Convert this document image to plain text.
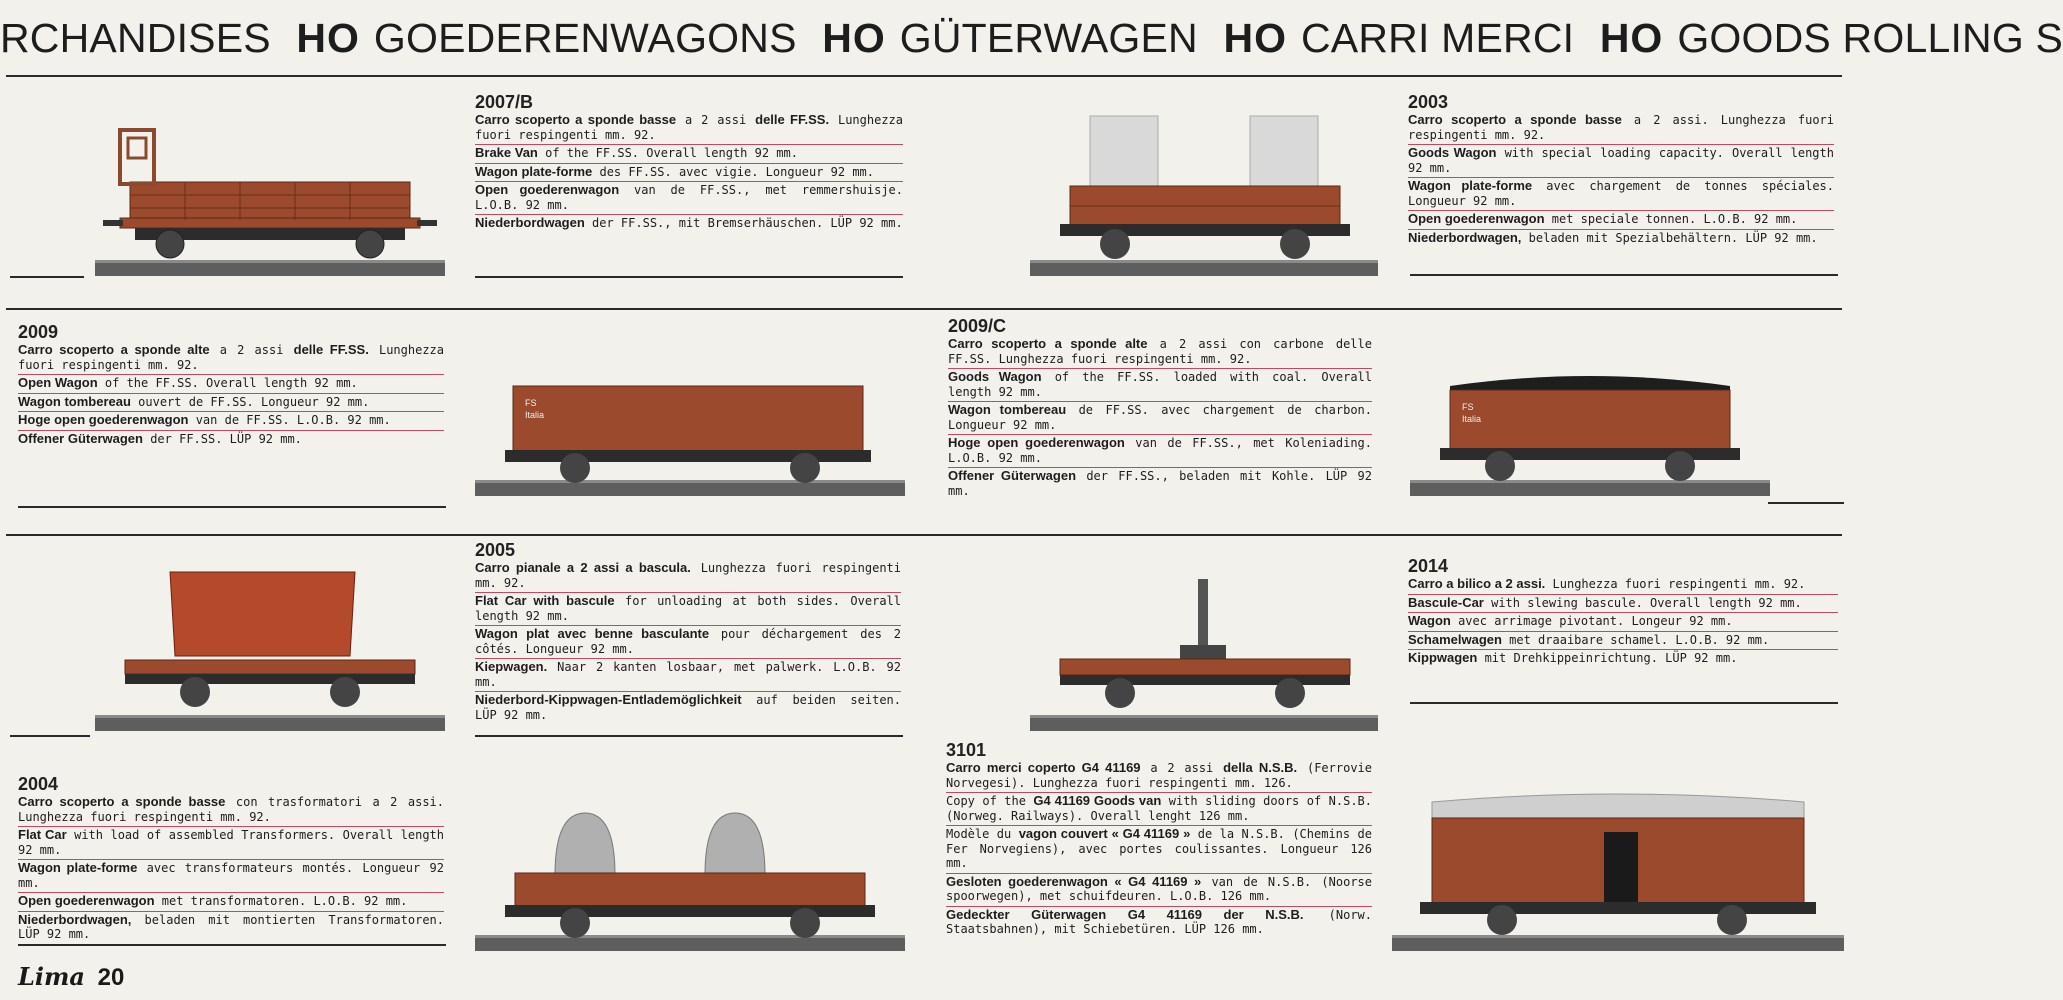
RCHANDISES HO GOEDERENWAGONS HO GÜTERWAGEN HO CARRI MERCI HO GOODS ROLLING S
2007/B
Carro scoperto a sponde basse a 2 assi delle FF.SS. Lunghezza fuori respingenti mm. 92.
Brake Van of the FF.SS. Overall length 92 mm.
Wagon plate-forme des FF.SS. avec vigie. Longueur 92 mm.
Open goederenwagon van de FF.SS., met remmershuisje. L.O.B. 92 mm.
Niederbordwagen der FF.SS., mit Bremserhäuschen. LÜP 92 mm.
2003
Carro scoperto a sponde basse a 2 assi. Lunghezza fuori respingenti mm. 92.
Goods Wagon with special loading capacity. Overall length 92 mm.
Wagon plate-forme avec chargement de tonnes spéciales. Longueur 92 mm.
Open goederenwagon met speciale tonnen. L.O.B. 92 mm.
Niederbordwagen, beladen mit Spezialbehältern. LÜP 92 mm.
2009
Carro scoperto a sponde alte a 2 assi delle FF.SS. Lunghezza fuori respingenti mm. 92.
Open Wagon of the FF.SS. Overall length 92 mm.
Wagon tombereau ouvert de FF.SS. Longueur 92 mm.
Hoge open goederenwagon van de FF.SS. L.O.B. 92 mm.
Offener Güterwagen der FF.SS. LÜP 92 mm.
2009/C
Carro scoperto a sponde alte a 2 assi con carbone delle FF.SS. Lunghezza fuori respingenti mm. 92.
Goods Wagon of the FF.SS. loaded with coal. Overall length 92 mm.
Wagon tombereau de FF.SS. avec chargement de charbon. Longueur 92 mm.
Hoge open goederenwagon van de FF.SS., met Koleniading. L.O.B. 92 mm.
Offener Güterwagen der FF.SS., beladen mit Kohle. LÜP 92 mm.
2005
Carro pianale a 2 assi a bascula. Lunghezza fuori respingenti mm. 92.
Flat Car with bascule for unloading at both sides. Overall length 92 mm.
Wagon plat avec benne basculante pour déchargement des 2 côtés. Longueur 92 mm.
Kiepwagen. Naar 2 kanten losbaar, met palwerk. L.O.B. 92 mm.
Niederbord-Kippwagen-Entlademöglichkeit auf beiden seiten. LÜP 92 mm.
2014
Carro a bilico a 2 assi. Lunghezza fuori respingenti mm. 92.
Bascule-Car with slewing bascule. Overall length 92 mm.
Wagon avec arrimage pivotant. Longeur 92 mm.
Schamelwagen met draaibare schamel. L.O.B. 92 mm.
Kippwagen mit Drehkippeinrichtung. LÜP 92 mm.
2004
Carro scoperto a sponde basse con trasformatori a 2 assi. Lunghezza fuori respingenti mm. 92.
Flat Car with load of assembled Transformers. Overall length 92 mm.
Wagon plate-forme avec transformateurs montés. Longueur 92 mm.
Open goederenwagon met transformatoren. L.O.B. 92 mm.
Niederbordwagen, beladen mit montierten Transformatoren. LÜP 92 mm.
3101
Carro merci coperto G4 41169 a 2 assi della N.S.B. (Ferrovie Norvegesi). Lunghezza fuori respingenti mm. 126.
Copy of the G4 41169 Goods van with sliding doors of N.S.B. (Norweg. Railways). Overall lenght 126 mm.
Modèle du vagon couvert « G4 41169 » de la N.S.B. (Chemins de Fer Norvegiens), avec portes coulissantes. Longueur 126 mm.
Gesloten goederenwagon « G4 41169 » van de N.S.B. (Noorse spoorwegen), met schuifdeuren. L.O.B. 126 mm.
Gedeckter Güterwagen G4 41169 der N.S.B. (Norw. Staatsbahnen), mit Schiebetüren. LÜP 126 mm.
FS
Italia
FS
Italia
Lima 20
